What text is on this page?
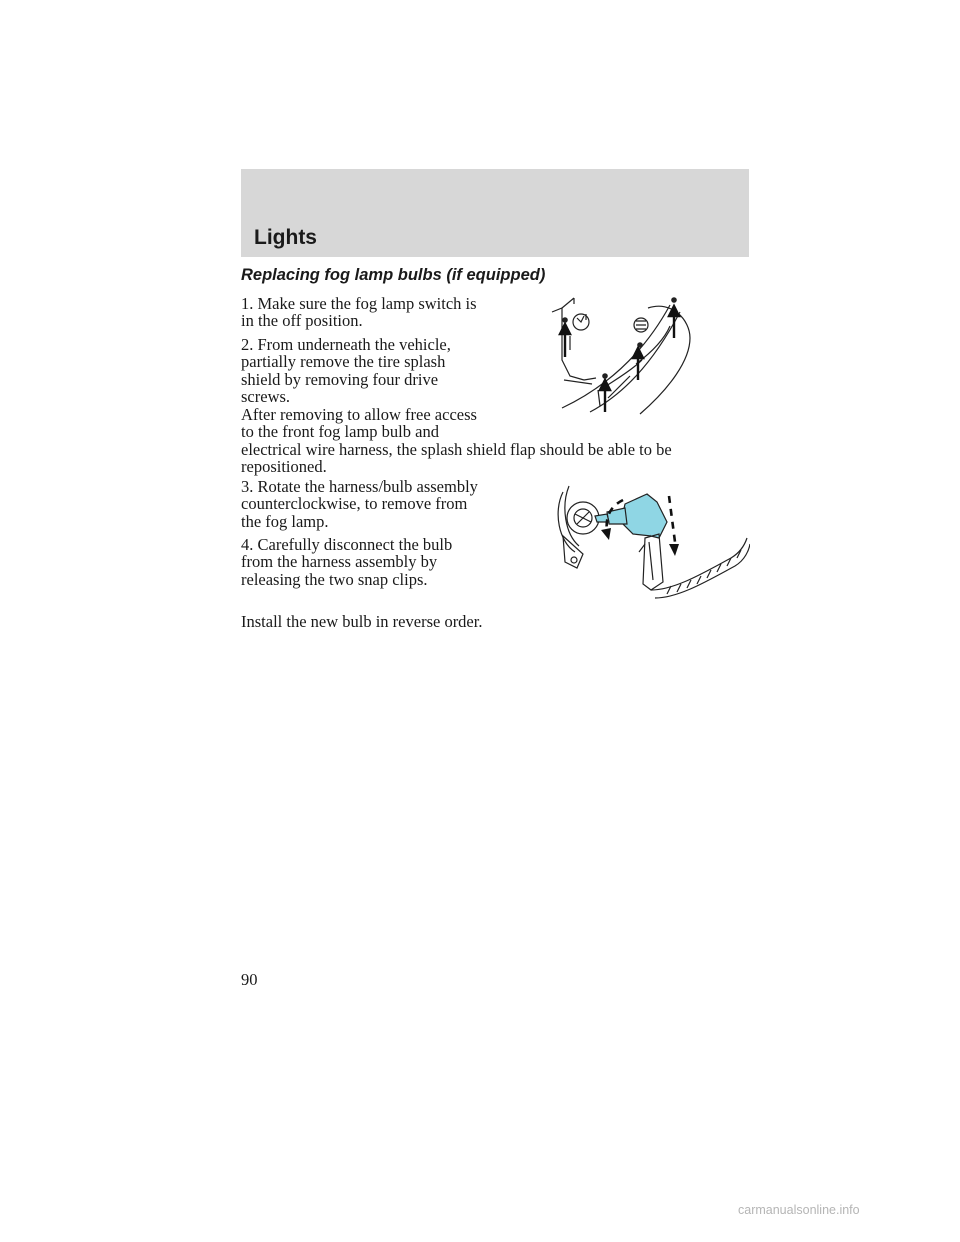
Lights
Replacing fog lamp bulbs (if equipped)

1. Make sure the fog lamp switch is
in the off position.

2. From underneath the vehicle,
partially remove the tire splash
shield by removing four drive
screws.

After removing to allow free access
to the front fog lamp bulb and
electrical wire harness, the splash shield flap should be able to be
repositioned.

3. Rotate the harness/bulb assembly
counterclockwise, to remove from
the fog lamp.

4. Carefully disconnect the bulb
from the harness assembly by
releasing the two snap clips.

Install the new bulb in reverse order.

90

carmanualsonline.info
